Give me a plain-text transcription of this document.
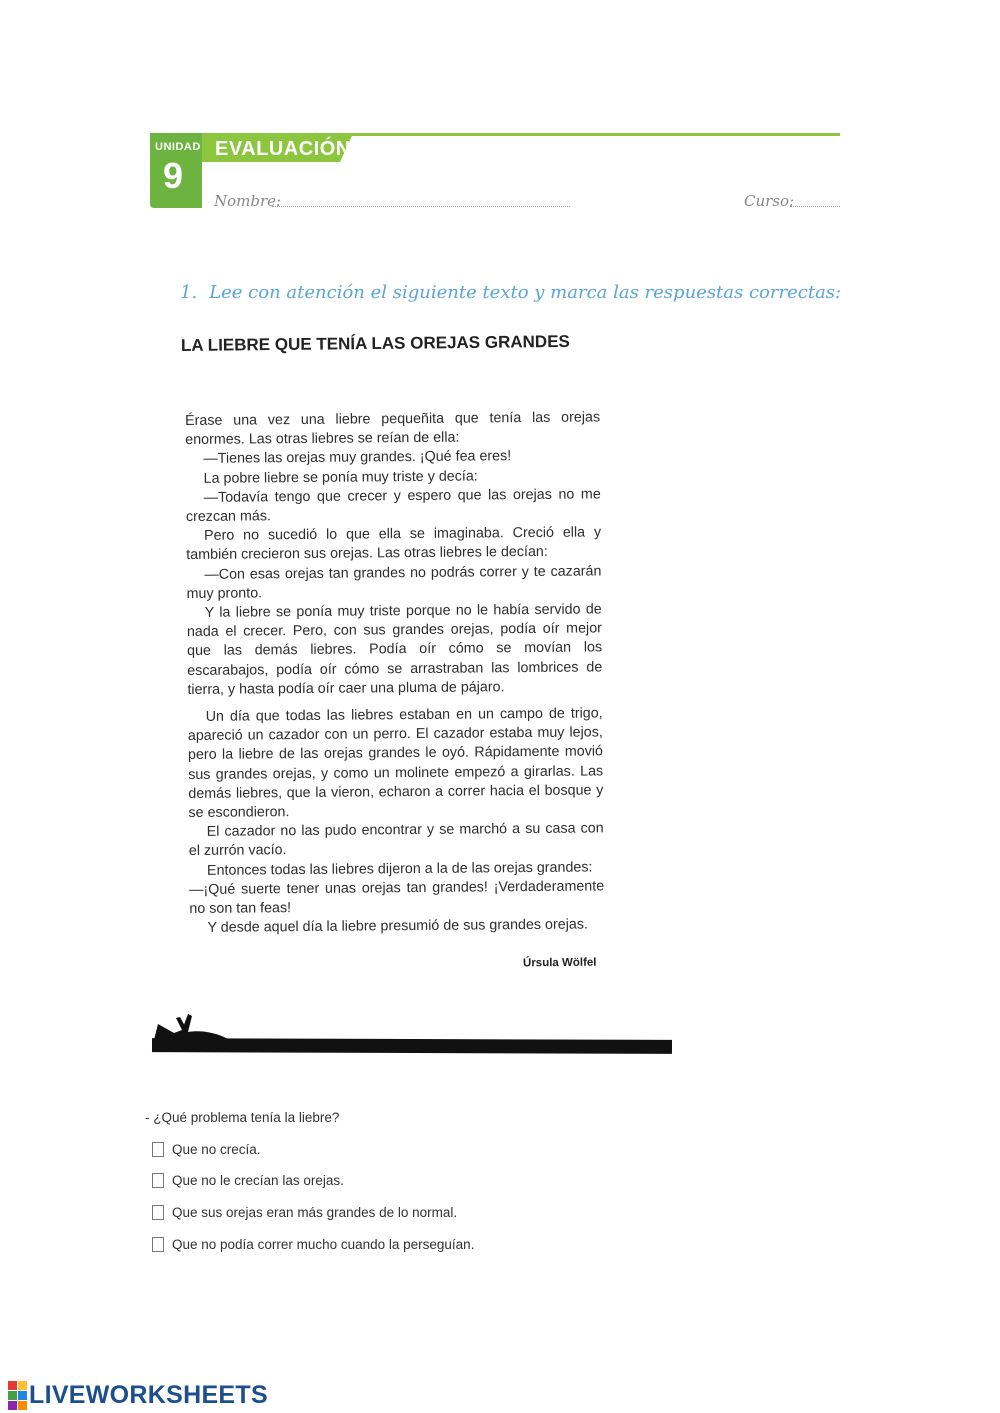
UNIDAD
9
EVALUACIÓN
Nombre:	Curso:
1. Lee con atención el siguiente texto y marca las respuestas correctas:
LA LIEBRE QUE TENÍA LAS OREJAS GRANDES

Érase una vez una liebre pequeñita que tenía las orejas enormes. Las otras liebres se reían de ella:

—Tienes las orejas muy grandes. ¡Qué fea eres!

La pobre liebre se ponía muy triste y decía:

—Todavía tengo que crecer y espero que las orejas no me crezcan más.

Pero no sucedió lo que ella se imaginaba. Creció ella y también crecieron sus orejas. Las otras liebres le decían:

—Con esas orejas tan grandes no podrás correr y te cazarán muy pronto.

Y la liebre se ponía muy triste porque no le había servido de nada el crecer. Pero, con sus grandes orejas, podía oír mejor que las demás liebres. Podía oír cómo se movían los escarabajos, podía oír cómo se arrastraban las lombrices de tierra, y hasta podía oír caer una pluma de pájaro.

Un día que todas las liebres estaban en un campo de trigo, apareció un cazador con un perro. El cazador estaba muy lejos, pero la liebre de las orejas grandes le oyó. Rápidamente movió sus grandes orejas, y como un molinete empezó a girarlas. Las demás liebres, que la vieron, echaron a correr hacia el bosque y se escondieron.

El cazador no las pudo encontrar y se marchó a su casa con el zurrón vacío.

Entonces todas las liebres dijeron a la de las orejas grandes:

—¡Qué suerte tener unas orejas tan grandes! ¡Verdaderamente no son tan feas!

Y desde aquel día la liebre presumió de sus grandes orejas.

Úrsula Wölfel
- ¿Qué problema tenía la liebre?
Que no crecía.
Que no le crecían las orejas.
Que sus orejas eran más grandes de lo normal.
Que no podía correr mucho cuando la perseguían.
LIVEWORKSHEETS
